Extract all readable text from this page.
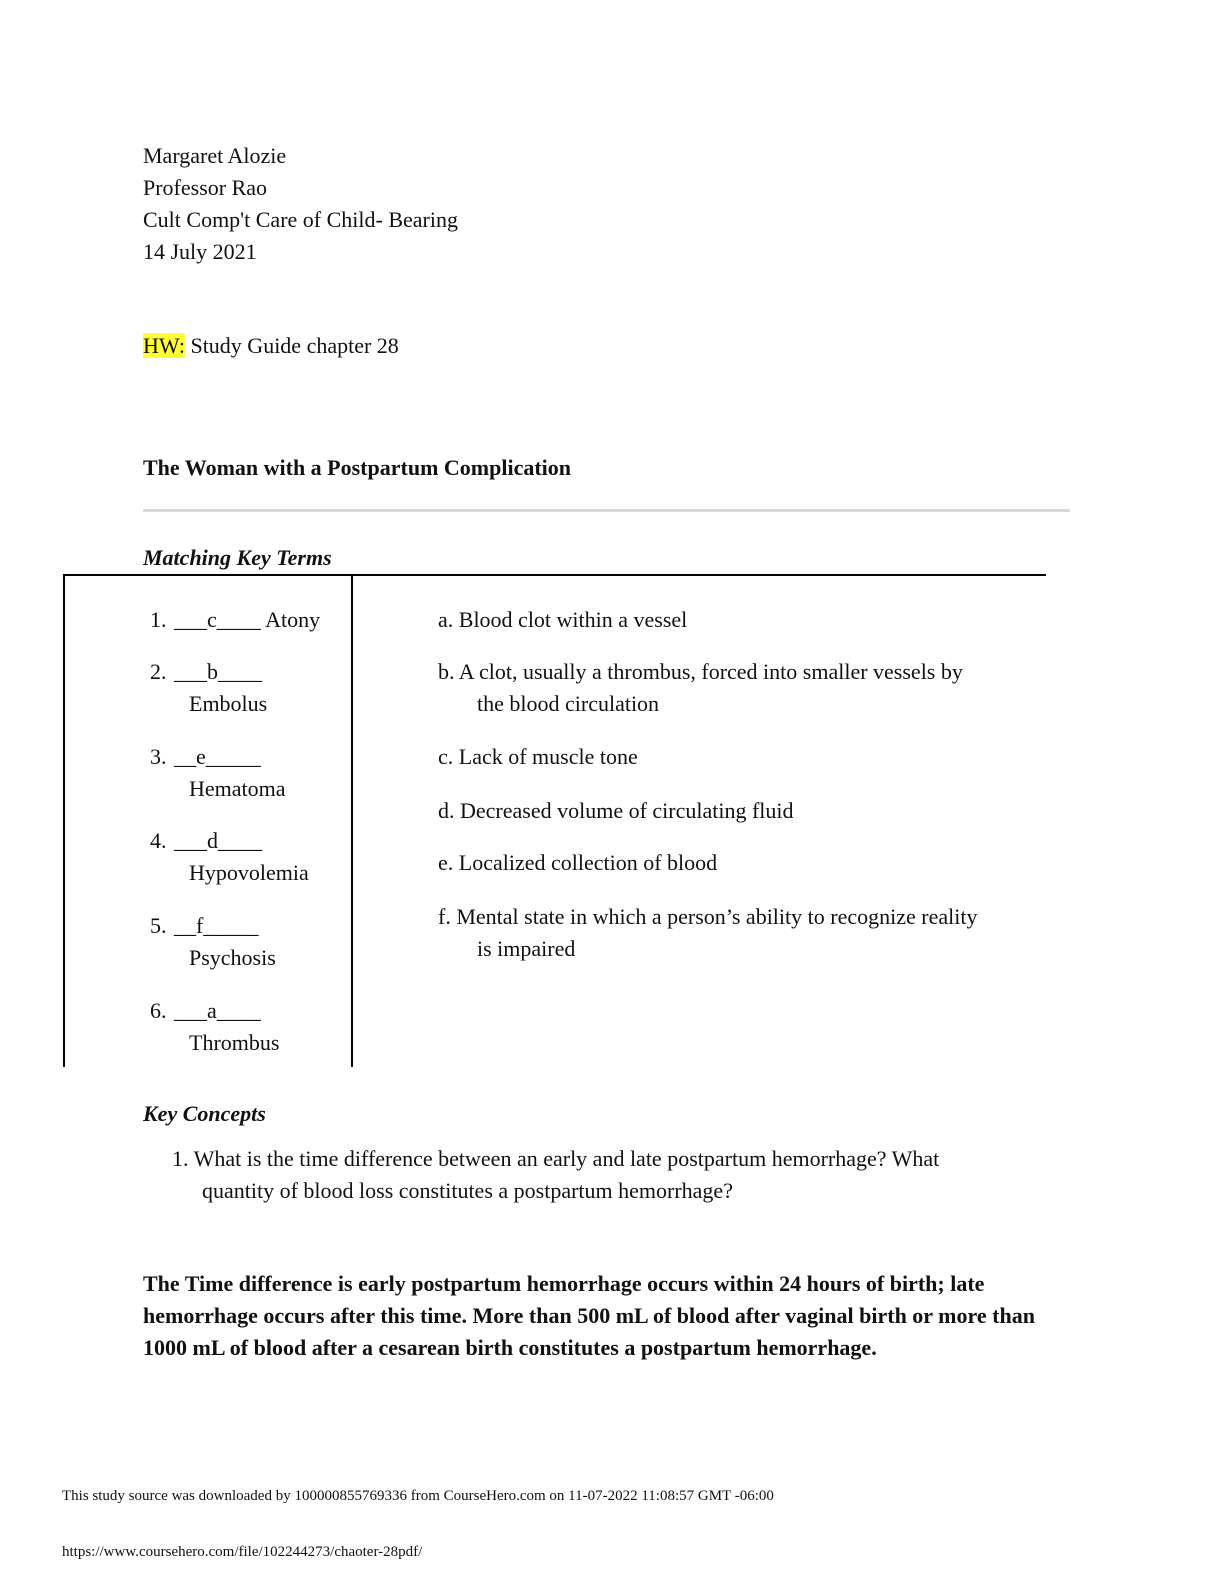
Margaret Alozie
Professor Rao
Cult Comp't Care of Child- Bearing
14 July 2021
HW: Study Guide chapter 28
The Woman with a Postpartum Complication
Matching Key Terms
1. ___c____ Atony
2. ___b____
Embolus
3. __e_____
Hematoma
4. ___d____
Hypovolemia
5. __f_____
Psychosis
6. ___a____
Thrombus
a. Blood clot within a vessel
b. A clot, usually a thrombus, forced into smaller vessels by
the blood circulation
c. Lack of muscle tone
d. Decreased volume of circulating fluid
e. Localized collection of blood
f. Mental state in which a person’s ability to recognize reality
is impaired
Key Concepts
1. What is the time difference between an early and late postpartum hemorrhage? What
quantity of blood loss constitutes a postpartum hemorrhage?
The Time difference is early postpartum hemorrhage occurs within 24 hours of birth; late hemorrhage occurs after this time. More than 500 mL of blood after vaginal birth or more than 1000 mL of blood after a cesarean birth constitutes a postpartum hemorrhage.
This study source was downloaded by 100000855769336 from CourseHero.com on 11-07-2022 11:08:57 GMT -06:00
https://www.coursehero.com/file/102244273/chaoter-28pdf/
